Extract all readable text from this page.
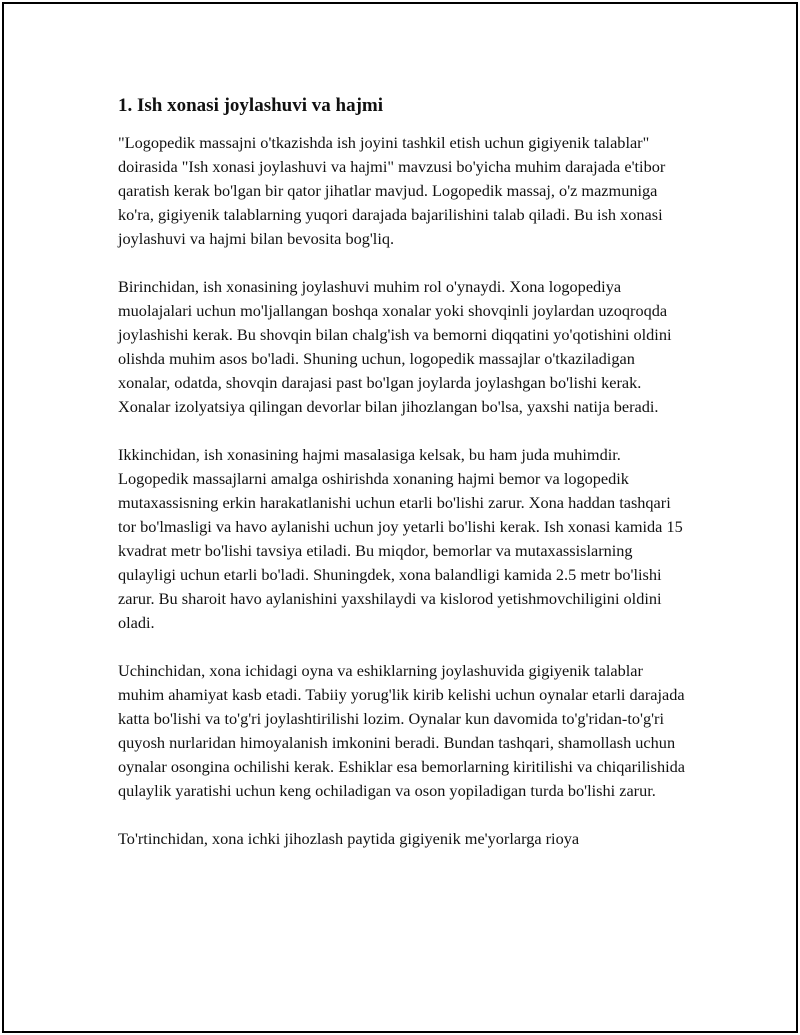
1. Ish xonasi joylashuvi va hajmi

"Logopedik massajni o'tkazishda ish joyini tashkil etish uchun gigiyenik talablar" doirasida "Ish xonasi joylashuvi va hajmi" mavzusi bo'yicha muhim darajada e'tibor qaratish kerak bo'lgan bir qator jihatlar mavjud. Logopedik massaj, o'z mazmuniga ko'ra, gigiyenik talablarning yuqori darajada bajarilishini talab qiladi. Bu ish xonasi joylashuvi va hajmi bilan bevosita bog'liq.

Birinchidan, ish xonasining joylashuvi muhim rol o'ynaydi. Xona logopediya muolajalari uchun mo'ljallangan boshqa xonalar yoki shovqinli joylardan uzoqroqda joylashishi kerak. Bu shovqin bilan chalg'ish va bemorni diqqatini yo'qotishini oldini olishda muhim asos bo'ladi. Shuning uchun, logopedik massajlar o'tkaziladigan xonalar, odatda, shovqin darajasi past bo'lgan joylarda joylashgan bo'lishi kerak. Xonalar izolyatsiya qilingan devorlar bilan jihozlangan bo'lsa, yaxshi natija beradi.

Ikkinchidan, ish xonasining hajmi masalasiga kelsak, bu ham juda muhimdir. Logopedik massajlarni amalga oshirishda xonaning hajmi bemor va logopedik mutaxassisning erkin harakatlanishi uchun etarli bo'lishi zarur. Xona haddan tashqari tor bo'lmasligi va havo aylanishi uchun joy yetarli bo'lishi kerak. Ish xonasi kamida 15 kvadrat metr bo'lishi tavsiya etiladi. Bu miqdor, bemorlar va mutaxassislarning qulayligi uchun etarli bo'ladi. Shuningdek, xona balandligi kamida 2.5 metr bo'lishi zarur. Bu sharoit havo aylanishini yaxshilaydi va kislorod yetishmovchiligini oldini oladi.

Uchinchidan, xona ichidagi oyna va eshiklarning joylashuvida gigiyenik talablar muhim ahamiyat kasb etadi. Tabiiy yorug'lik kirib kelishi uchun oynalar etarli darajada katta bo'lishi va to'g'ri joylashtirilishi lozim. Oynalar kun davomida to'g'ridan-to'g'ri quyosh nurlaridan himoyalanish imkonini beradi. Bundan tashqari, shamollash uchun oynalar osongina ochilishi kerak. Eshiklar esa bemorlarning kiritilishi va chiqarilishida qulaylik yaratishi uchun keng ochiladigan va oson yopiladigan turda bo'lishi zarur.

To'rtinchidan, xona ichki jihozlash paytida gigiyenik me'yorlarga rioya
